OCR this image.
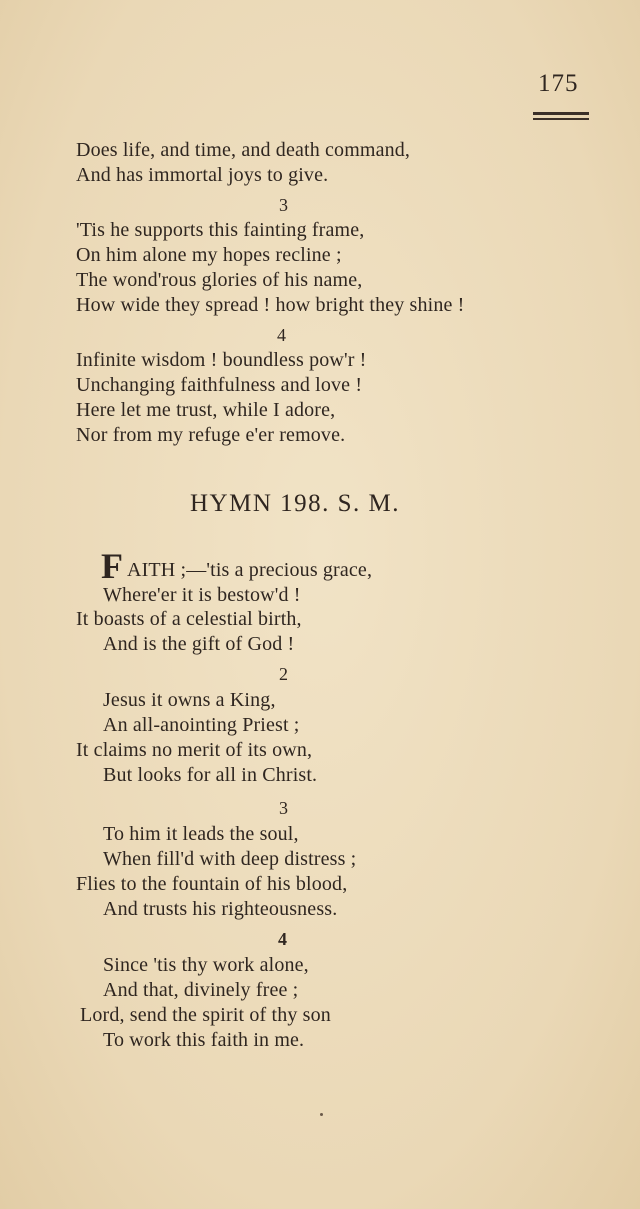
175
Does life, and time, and death command,
And has immortal joys to give.
3
'Tis he supports this fainting frame,
On him alone my hopes recline ;
The wond'rous glories of his name,
How wide they spread ! how bright they shine !
4
Infinite wisdom ! boundless pow'r !
Unchanging faithfulness and love !
Here let me trust, while I adore,
Nor from my refuge e'er remove.
HYMN 198. S. M.
F AITH ;—'tis a precious grace,
Where'er it is bestow'd !
It boasts of a celestial birth,
And is the gift of God !
2
Jesus it owns a King,
An all-anointing Priest ;
It claims no merit of its own,
But looks for all in Christ.
3
To him it leads the soul,
When fill'd with deep distress ;
Flies to the fountain of his blood,
And trusts his righteousness.
4
Since 'tis thy work alone,
And that, divinely free ;
Lord, send the spirit of thy son
To work this faith in me.
